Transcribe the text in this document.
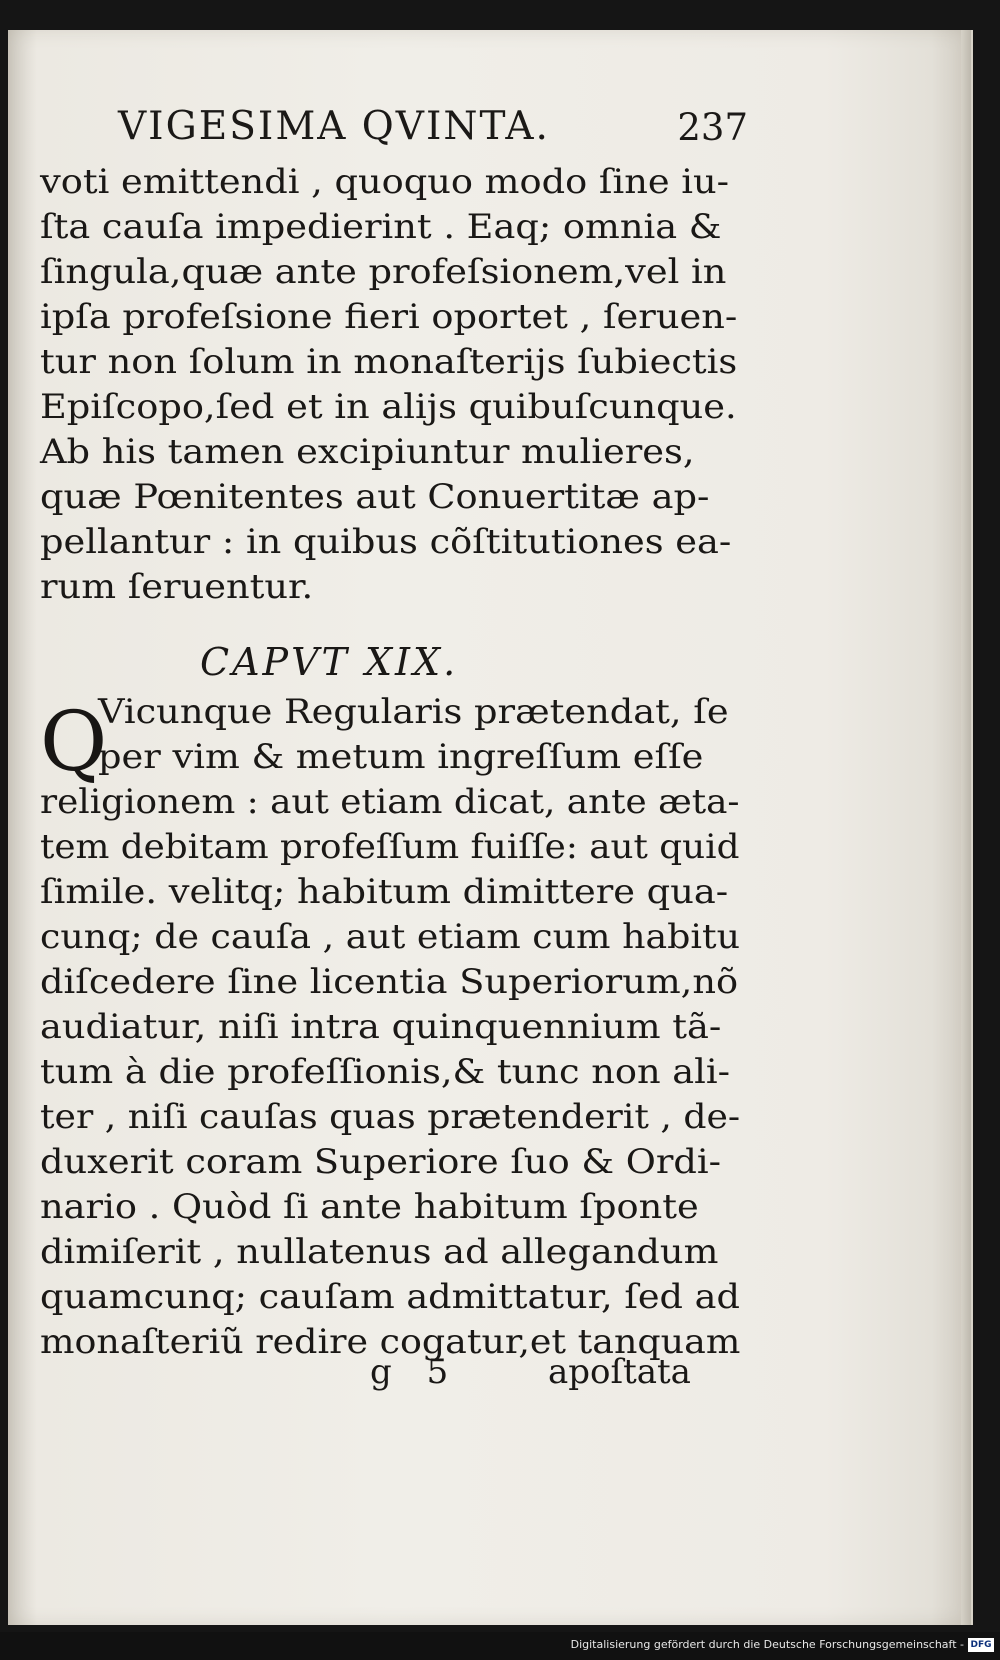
VIGESIMA QVINTA.	237
voti emittendi , quoquo modo ſine iu-
ſta cauſa impedierint . Eaq; omnia &
ſingula,quæ ante profeſsionem,vel in
ipſa profeſsione fieri oportet , ſeruen-
tur non ſolum in monaſterijs ſubiectis
Epiſcopo,ſed et in alijs quibuſcunque.
Ab his tamen excipiuntur mulieres,
quæ Pœnitentes aut Conuertitæ ap-
pellantur : in quibus cõſtitutiones ea-
rum ſeruentur.
CAPVT XIX.
Q
Vicunque Regularis prætendat, ſe
per vim & metum ingreſſum eſſe
religionem : aut etiam dicat, ante æta-
tem debitam profeſſum fuiſſe: aut quid
ſimile. velitq; habitum dimittere qua-
cunq; de cauſa , aut etiam cum habitu
diſcedere ſine licentia Superiorum,nõ
audiatur, niſi intra quinquennium tã-
tum à die profeſſionis,& tunc non ali-
ter , niſi cauſas quas prætenderit , de-
duxerit coram Superiore ſuo & Ordi-
nario . Quòd ſi ante habitum ſponte
dimiſerit , nullatenus ad allegandum
quamcunq; cauſam admittatur, ſed ad
monaſteriũ redire cogatur,et tanquam
g 5	apoſtata
Digitalisierung gefördert durch die Deutsche Forschungsgemeinschaft - DFG
